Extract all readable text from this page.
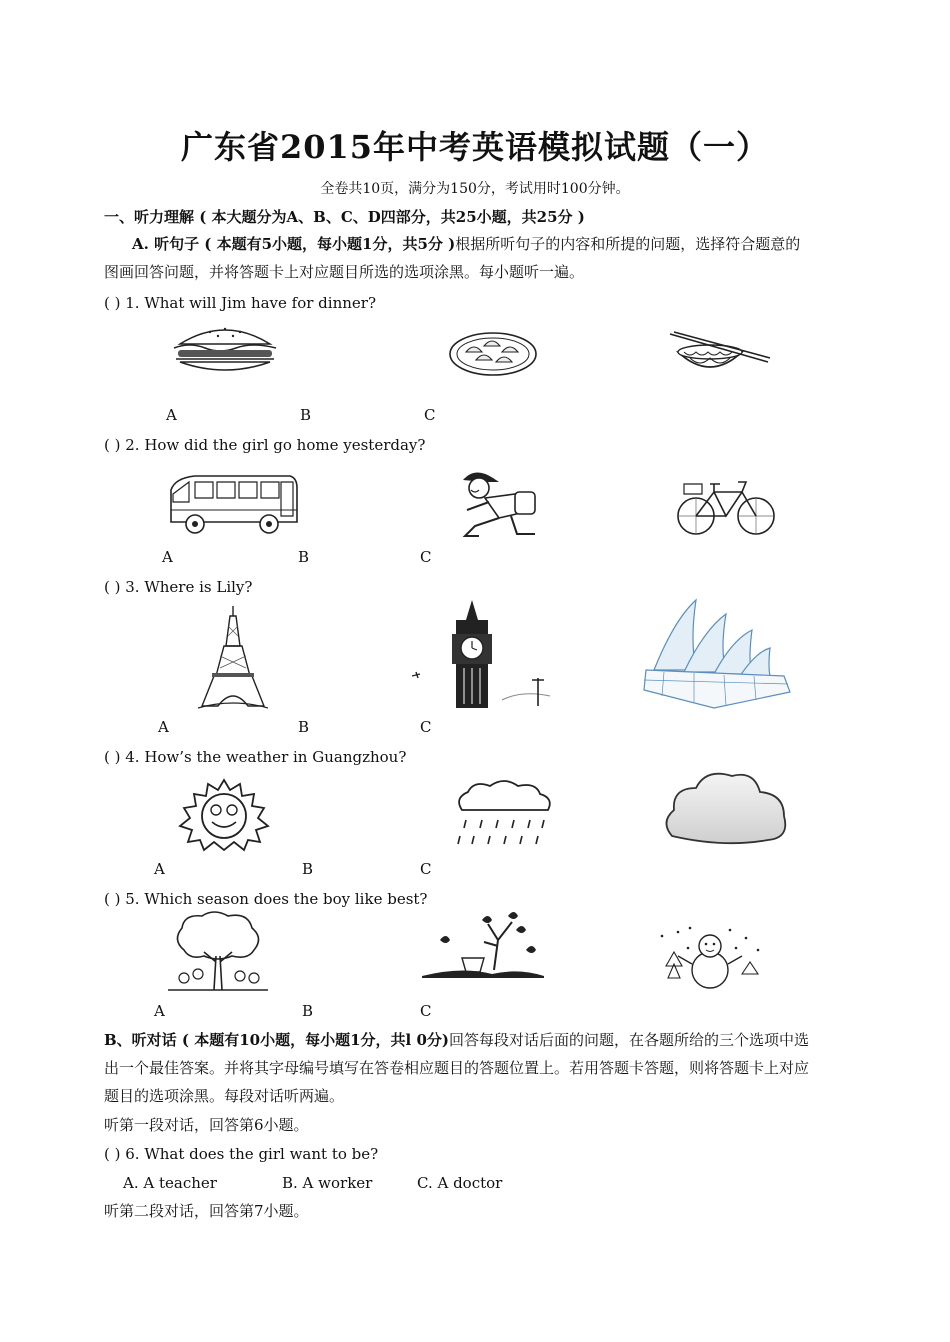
广东省2015年中考英语模拟试题（一）
全卷共10页，满分为150分，考试用时100分钟。
一、听力理解 ( 本大题分为A、B、C、D四部分，共25小题，共25分 )
A. 听句子 ( 本题有5小题，每小题1分，共5分 )根据所听句子的内容和所提的问题，选择符合题意的
图画回答问题，并将答题卡上对应题目所选的选项涂黑。每小题听一遍。
( ) 1. What will Jim have for dinner?
A	B	C
( ) 2. How did the girl go home yesterday?
A	B	C
( ) 3. Where is Lily?
A	B	C
( ) 4. How’s the weather in Guangzhou?
A	B	C
( ) 5. Which season does the boy like best?
A	B	C
B、听对话 ( 本题有10小题，每小题1分，共l 0分)回答每段对话后面的问题，在各题所给的三个选项中选
出一个最佳答案。并将其字母编号填写在答卷相应题目的答题位置上。若用答题卡答题，则将答题卡上对应
题目的选项涂黑。每段对话听两遍。
听第一段对话，回答第6小题。
( ) 6. What does the girl want to be?
A. A teacher	B. A worker	C. A doctor
听第二段对话，回答第7小题。
